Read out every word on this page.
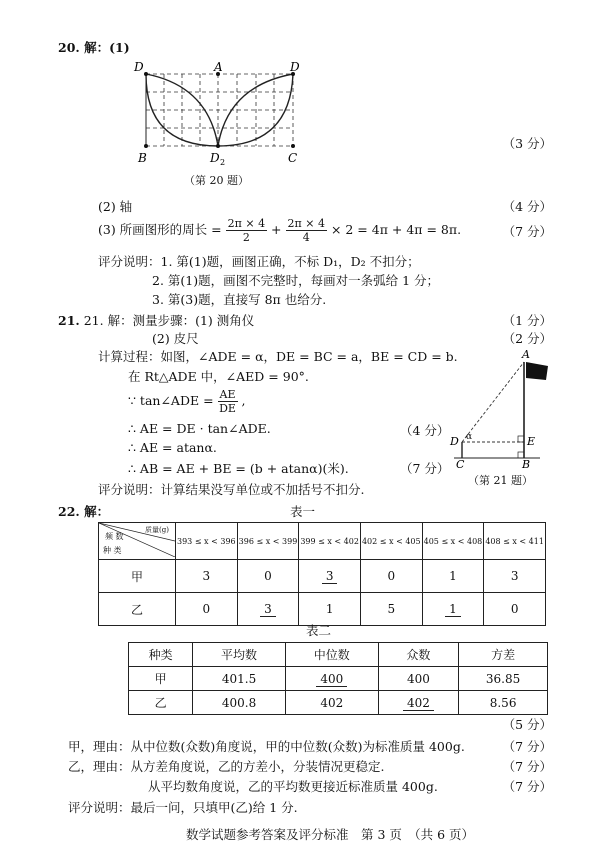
20. 解：(1)
D	A	D
B	D 2	C
（第 20 题）
（3 分）
(2) 轴	（4 分）
(3) 所画图形的周长 = $\frac{2\pi \times 4}{2} + \frac{2\pi \times 4}{4} \times 2 = 4\pi + 4\pi = 8\pi$.	（7 分）
评分说明：1. 第(1)题，画图正确，不标 D₁，D₂ 不扣分；
2. 第(1)题，画图不完整时，每画对一条弧给 1 分；
3. 第(3)题，直接写 8π 也给分.
21. 21. 解：测量步骤：(1) 测角仪	（1 分）
(2) 皮尺	（2 分）
计算过程：如图，∠ADE = α，DE = BC = a，BE = CD = b.
在 Rt△ADE 中，∠AED = 90°.
∵ tan∠ADE = $\frac{AE}{DE}$ ,
∴ AE = DE · tan∠ADE.	（4 分）
∴ AE = atanα.
∴ AB = AE + BE = (b + atanα)(米).	（7 分）
评分说明：计算结果没写单位或不加括号不扣分.
A
D α	E
C	B
（第 21 题）
22. 解：	表一
质量(g)
频 数
种 类	393 ≤ x < 396	396 ≤ x < 399	399 ≤ x < 402	402 ≤ x < 405	405 ≤ x < 408	408 ≤ x < 411
甲	3	0	3	0	1	3
乙	0	3	1	5	1	0
表二
种类	平均数	中位数	众数	方差
甲	401.5	400	400	36.85
乙	400.8	402	402	8.56
（5 分）
甲，理由：从中位数(众数)角度说，甲的中位数(众数)为标准质量 400g.	（7 分）
乙，理由：从方差角度说，乙的方差小，分装情况更稳定.	（7 分）
从平均数角度说，乙的平均数更接近标准质量 400g.	（7 分）
评分说明：最后一问，只填甲(乙)给 1 分.
数学试题参考答案及评分标准　第 3 页　（共 6 页）
